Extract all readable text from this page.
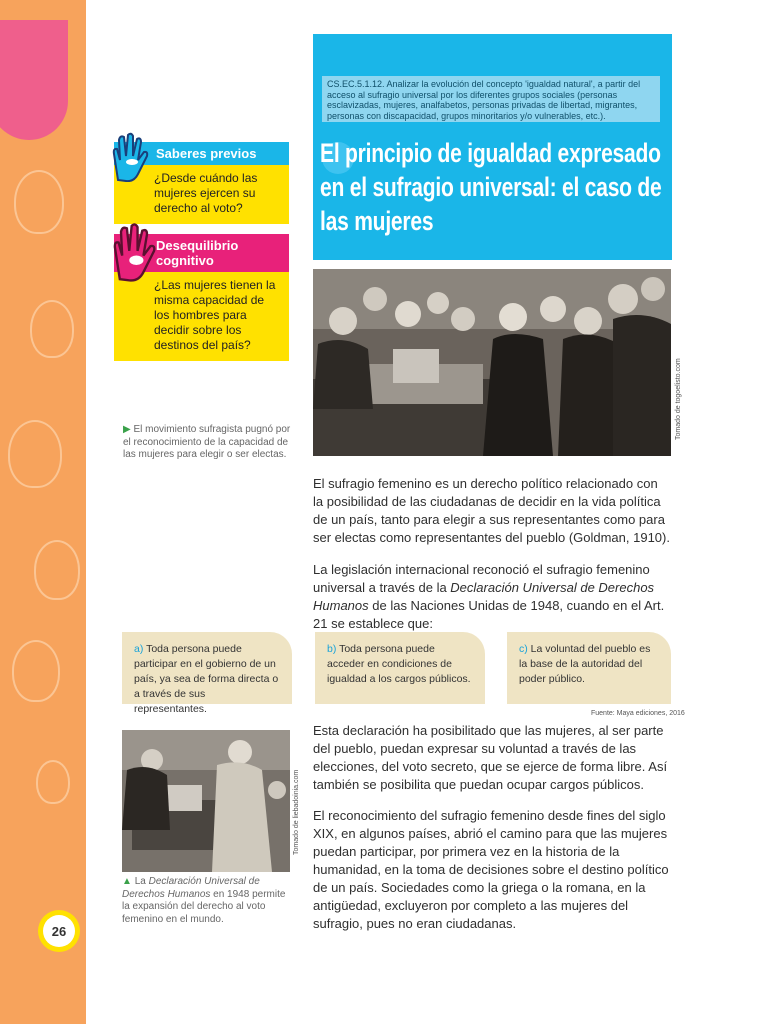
26
Saberes previos
¿Desde cuándo las mujeres ejercen su derecho al voto?
Desequilibrio cognitivo
¿Las mujeres tienen la misma capacidad de los hombres para decidir sobre los destinos del país?
CS.EC.5.1.12. Analizar la evolución del concepto 'igualdad natural', a partir del acceso al sufragio universal por los diferentes grupos sociales (personas esclavizadas, mujeres, analfabetos, personas privadas de libertad, migrantes, personas con discapacidad, grupos minoritarios y/o vulnerables, etc.).
El principio de igualdad expresado en el sufragio universal: el caso de las mujeres
Tomado de togoelisto.com
▶ El movimiento sufragista pugnó por el reconocimiento de la capacidad de las mujeres para elegir o ser electas.
El sufragio femenino es un derecho político relacionado con la posibilidad de las ciudadanas de decidir en la vida política de un país, tanto para elegir a sus representantes como para ser electas como representantes del pueblo (Goldman, 1910).
La legislación internacional reconoció el sufragio femenino universal a través de la Declaración Universal de Derechos Humanos de las Naciones Unidas de 1948, cuando en el Art. 21 se establece que:
a) Toda persona puede participar en el gobierno de un país, ya sea de forma directa o a través de sus representantes.
b) Toda persona puede acceder en condiciones de igualdad a los cargos públicos.
c) La voluntad del pueblo es la base de la autoridad del poder público.
Fuente: Maya ediciones, 2016
Tomado de liebadoinia.com
▲ La Declaración Universal de Derechos Humanos en 1948 permite la expansión del derecho al voto femenino en el mundo.
Esta declaración ha posibilitado que las mujeres, al ser parte del pueblo, puedan expresar su voluntad a través de las elecciones, del voto secreto, que se ejerce de forma libre. Así también se posibilita que puedan ocupar cargos públicos.
El reconocimiento del sufragio femenino desde fines del siglo XIX, en algunos países, abrió el camino para que las mujeres puedan participar, por primera vez en la historia de la humanidad, en la toma de decisiones sobre el destino político de un país. Sociedades como la griega o la romana, en la antigüedad, excluyeron por completo a las mujeres del sufragio, pues no eran ciudadanas.
